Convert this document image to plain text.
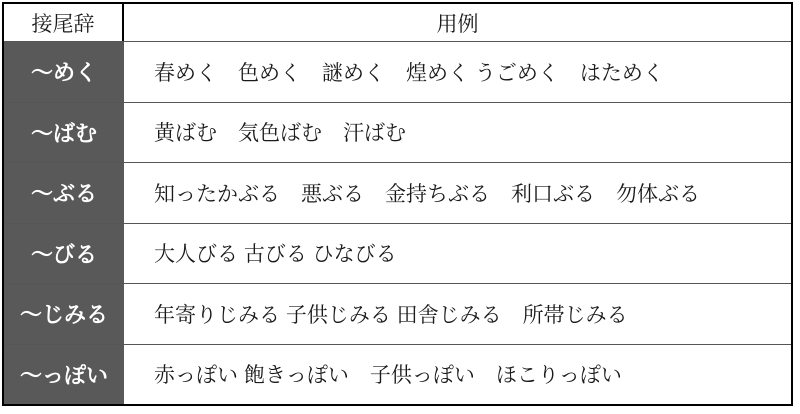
接尾辞	用例
～めく	春めく　色めく　謎めく　煌めく うごめく　はためく
～ばむ	黄ばむ　気色ばむ　汗ばむ
～ぶる	知ったかぶる　悪ぶる　金持ちぶる　利口ぶる　勿体ぶる
～びる	大人びる 古びる ひなびる
～じみる	年寄りじみる 子供じみる 田舎じみる　所帯じみる
～っぽい	赤っぽい 飽きっぽい　子供っぽい　ほこりっぽい
